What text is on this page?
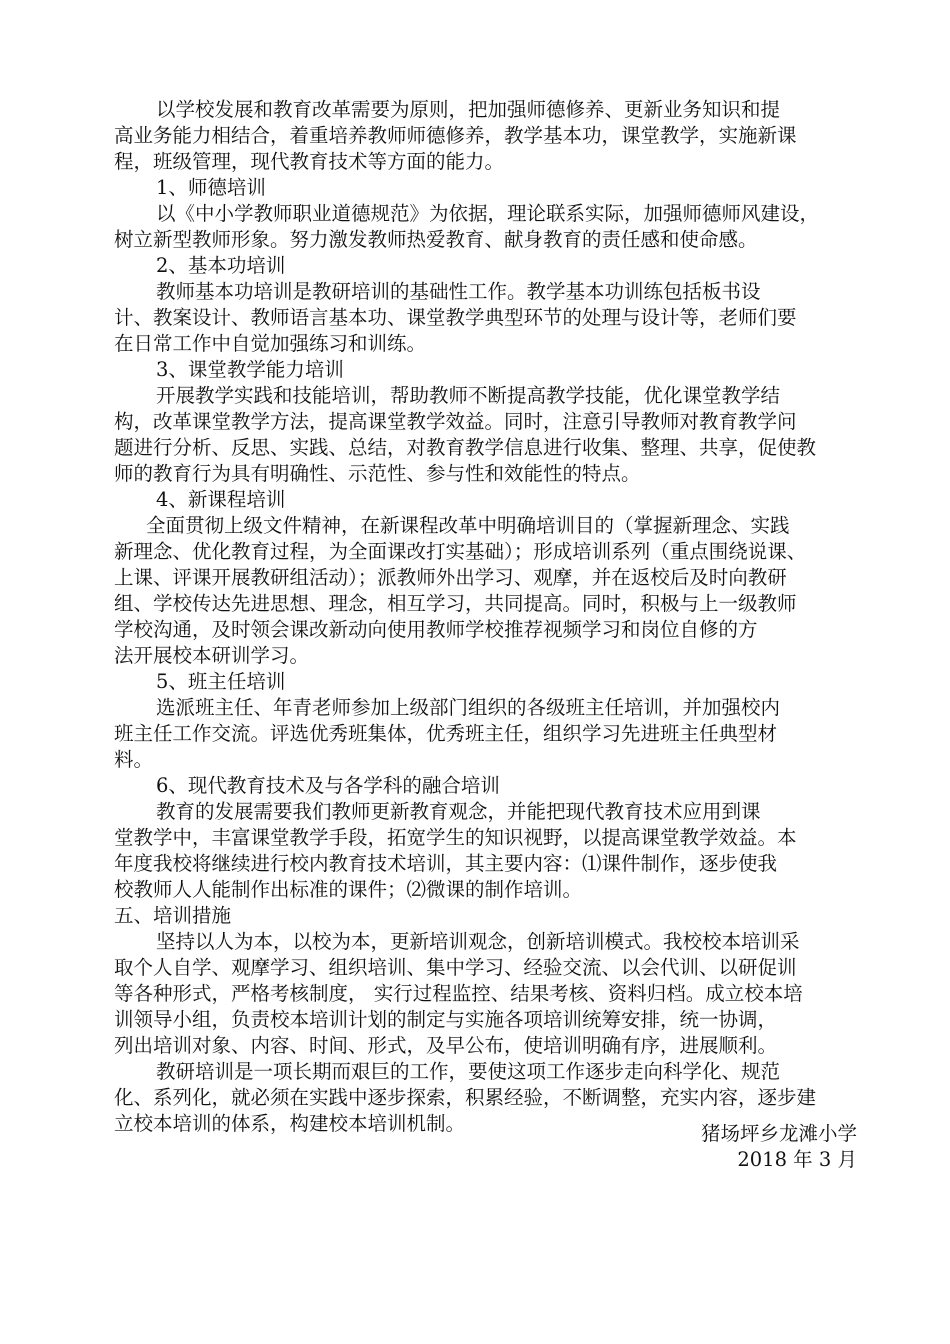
以学校发展和教育改革需要为原则，把加强师德修养、更新业务知识和提
高业务能力相结合，着重培养教师师德修养，教学基本功，课堂教学，实施新课
程，班级管理，现代教育技术等方面的能力。
1、师德培训
以《中小学教师职业道德规范》为依据，理论联系实际，加强师德师风建设，
树立新型教师形象。努力激发教师热爱教育、献身教育的责任感和使命感。
2、基本功培训
教师基本功培训是教研培训的基础性工作。教学基本功训练包括板书设
计、教案设计、教师语言基本功、课堂教学典型环节的处理与设计等，老师们要
在日常工作中自觉加强练习和训练。
3、课堂教学能力培训
开展教学实践和技能培训，帮助教师不断提高教学技能，优化课堂教学结
构，改革课堂教学方法，提高课堂教学效益。同时，注意引导教师对教育教学问
题进行分析、反思、实践、总结，对教育教学信息进行收集、整理、共享，促使教
师的教育行为具有明确性、示范性、参与性和效能性的特点。
4、新课程培训
全面贯彻上级文件精神，在新课程改革中明确培训目的（掌握新理念、实践
新理念、优化教育过程，为全面课改打实基础）；形成培训系列（重点围绕说课、
上课、评课开展教研组活动）；派教师外出学习、观摩，并在返校后及时向教研
组、学校传达先进思想、理念，相互学习，共同提高。同时，积极与上一级教师
学校沟通，及时领会课改新动向使用教师学校推荐视频学习和岗位自修的方
法开展校本研训学习。
5、班主任培训
选派班主任、年青老师参加上级部门组织的各级班主任培训，并加强校内
班主任工作交流。评选优秀班集体，优秀班主任，组织学习先进班主任典型材
料。
6、现代教育技术及与各学科的融合培训
教育的发展需要我们教师更新教育观念，并能把现代教育技术应用到课
堂教学中，丰富课堂教学手段，拓宽学生的知识视野，以提高课堂教学效益。本
年度我校将继续进行校内教育技术培训，其主要内容：⑴课件制作，逐步使我
校教师人人能制作出标准的课件；⑵微课的制作培训。
五、培训措施
坚持以人为本，以校为本，更新培训观念，创新培训模式。我校校本培训采
取个人自学、观摩学习、组织培训、集中学习、经验交流、以会代训、以研促训
等各种形式，严格考核制度， 实行过程监控、结果考核、资料归档。成立校本培
训领导小组，负责校本培训计划的制定与实施各项培训统筹安排，统一协调，
列出培训对象、内容、时间、形式，及早公布，使培训明确有序，进展顺利。
教研培训是一项长期而艰巨的工作，要使这项工作逐步走向科学化、规范
化、系列化，就必须在实践中逐步探索，积累经验，不断调整，充实内容，逐步建
立校本培训的体系，构建校本培训机制。	猪场坪乡龙滩小学
2018 年 3 月
